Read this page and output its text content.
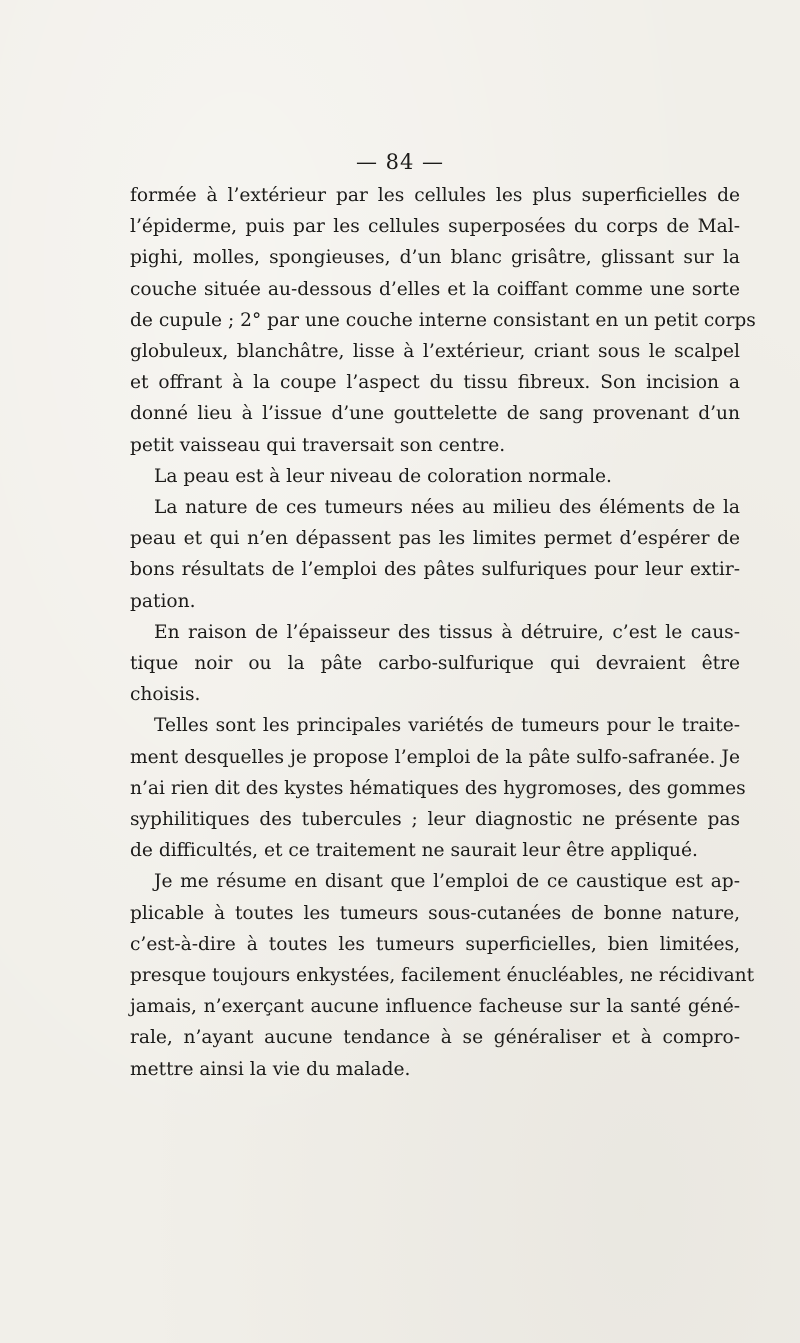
— 84 —
formée à l’extérieur par les cellules les plus superficielles de
l’épiderme, puis par les cellules superposées du corps de Mal-
pighi, molles, spongieuses, d’un blanc grisâtre, glissant sur la
couche située au-dessous d’elles et la coiffant comme une sorte
de cupule ; 2° par une couche interne consistant en un petit corps
globuleux, blanchâtre, lisse à l’extérieur, criant sous le scalpel
et offrant à la coupe l’aspect du tissu fibreux. Son incision a
donné lieu à l’issue d’une gouttelette de sang provenant d’un
petit vaisseau qui traversait son centre.
La peau est à leur niveau de coloration normale.
La nature de ces tumeurs nées au milieu des éléments de la
peau et qui n’en dépassent pas les limites permet d’espérer de
bons résultats de l’emploi des pâtes sulfuriques pour leur extir-
pation.
En raison de l’épaisseur des tissus à détruire, c’est le caus-
tique noir ou la pâte carbo-sulfurique qui devraient être
choisis.
Telles sont les principales variétés de tumeurs pour le traite-
ment desquelles je propose l’emploi de la pâte sulfo-safranée. Je
n’ai rien dit des kystes hématiques des hygromoses, des gommes
syphilitiques des tubercules ; leur diagnostic ne présente pas
de difficultés, et ce traitement ne saurait leur être appliqué.
Je me résume en disant que l’emploi de ce caustique est ap-
plicable à toutes les tumeurs sous-cutanées de bonne nature,
c’est-à-dire à toutes les tumeurs superficielles, bien limitées,
presque toujours enkystées, facilement énucléables, ne récidivant
jamais, n’exerçant aucune influence facheuse sur la santé géné-
rale, n’ayant aucune tendance à se généraliser et à compro-
mettre ainsi la vie du malade.
